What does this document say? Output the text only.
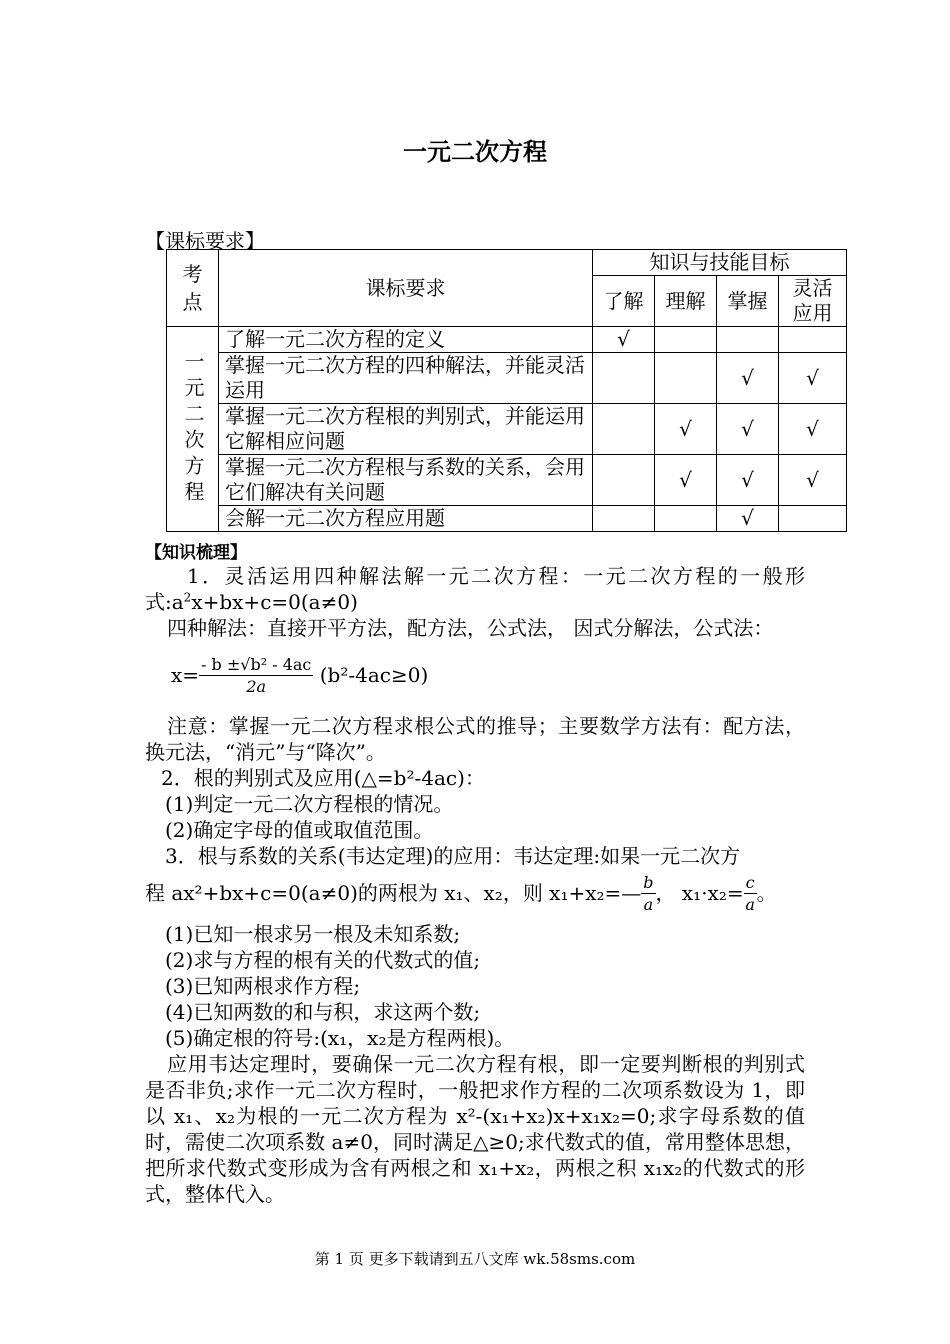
一元二次方程
【课标要求】
考点	课标要求	知识与技能目标			
		了解	理解	掌握	灵活应用
一元二次方程	了解一元二次方程的定义	√			
	掌握一元二次方程的四种解法，并能灵活运用			√	√
	掌握一元二次方程根的判别式，并能运用它解相应问题		√	√	√
	掌握一元二次方程根与系数的关系，会用它们解决有关问题		√	√	√
	会解一元二次方程应用题			√	
【知识梳理】
1．灵活运用四种解法解一元二次方程：一元二次方程的一般形式$:a^2x+bx+c=0(a\ne 0)$
四种解法：直接开平方法，配方法，公式法， 因式分解法，公式法：
$x= \frac{\text{- b ±√b² - 4ac}}{2a} (b^2-4ac\ge 0)$
注意：掌握一元二次方程求根公式的推导；主要数学方法有：配方法，换元法，“消元”与“降次”。
2．根的判别式及应用(△=b²-4ac)：
(1)判定一元二次方程根的情况。
(2)确定字母的值或取值范围。
3．根与系数的关系(韦达定理)的应用：韦达定理:如果一元二次方
程 ax²+bx+c=0(a≠0)的两根为 x₁、x₂，则 x₁+x₂=— $\frac{b}{a}$ ， $x_1\cdot x_2= \frac{c}{a}$ 。
(1)已知一根求另一根及未知系数;
(2)求与方程的根有关的代数式的值;
(3)已知两根求作方程;
(4)已知两数的和与积，求这两个数;
(5)确定根的符号:(x₁，x₂是方程两根)。
应用韦达定理时，要确保一元二次方程有根，即一定要判断根的判别式是否非负;求作一元二次方程时，一般把求作方程的二次项系数设为 1，即以 x₁、x₂为根的一元二次方程为 x²-(x₁+x₂)x+x₁x₂=0;求字母系数的值时，需使二次项系数 a≠0，同时满足△≥0;求代数式的值，常用整体思想，把所求代数式变形成为含有两根之和 x₁+x₂，两根之积 x₁x₂的代数式的形式，整体代入。
第 1 页 更多下载请到五八文库 wk.58sms.com
